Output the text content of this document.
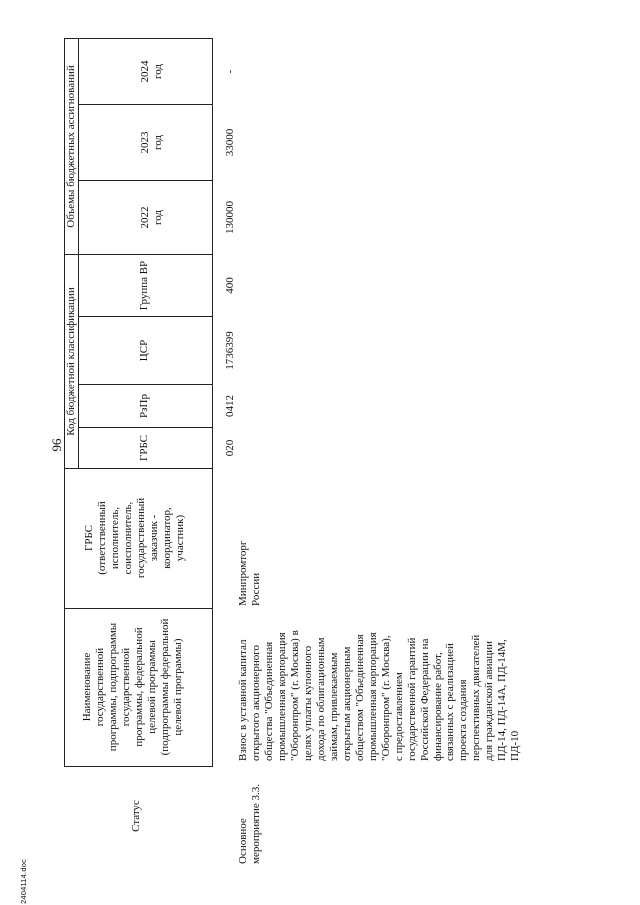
96
2404114.doc
Статус

Наименование
государственной
программы, подпрограммы
государственной
программы, федеральной
целевой программы
(подпрограммы федеральной
целевой программы)

ГРБС
(ответственный
исполнитель,
соисполнитель,
государственный
заказчик -
координатор,
участник)

Код бюджетной классификации
Объемы бюджетных ассигнований
ГРБС
РзПр
ЦСР
Группа ВР

2022
год

2023
год

2024
год

Основное
мероприятие 3.3.

Взнос в уставной капитал
открытого акционерного
общества "Объединенная
промышленная корпорация
"Оборонпром" (г. Москва) в
целях уплаты купонного
дохода по облигационным
займам, привлекаемым
открытым акционерным
обществом "Объединенная
промышленная корпорация
"Оборонпром" (г. Москва),
с предоставлением
государственной гарантий
Российской Федерации на
финансирование работ,
связанных с реализацией
проекта создания
перспективных двигателей
для гражданской авиации
ПД-14, ПД-14А, ПД-14М,
ПД-10

Минпромторг
России

020
0412
1736399
400
130000
33000
-
